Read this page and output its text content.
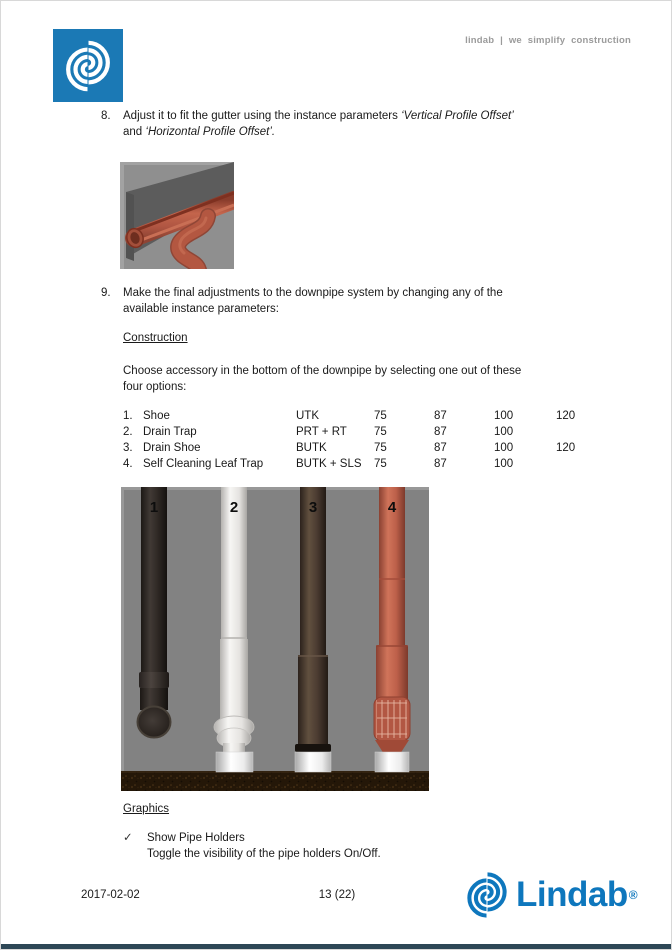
lindab | we simplify construction
8.	Adjust it to fit the gutter using the instance parameters ‘Vertical Profile Offset’
and ‘Horizontal Profile Offset’.
9.	Make the final adjustments to the downpipe system by changing any of the
available instance parameters:
Construction
Choose accessory in the bottom of the downpipe by selecting one out of these
four options:
1. Shoe	UTK	75	87	100	120
2. Drain Trap	PRT + RT	75	87	100
3. Drain Shoe	BUTK	75	87	100	120
4. Self Cleaning Leaf Trap	BUTK + SLS	75	87	100
1	2	3	4
Graphics
✓	Show Pipe Holders
Toggle the visibility of the pipe holders On/Off.
2017-02-02	13 (22)	Lindab ®
